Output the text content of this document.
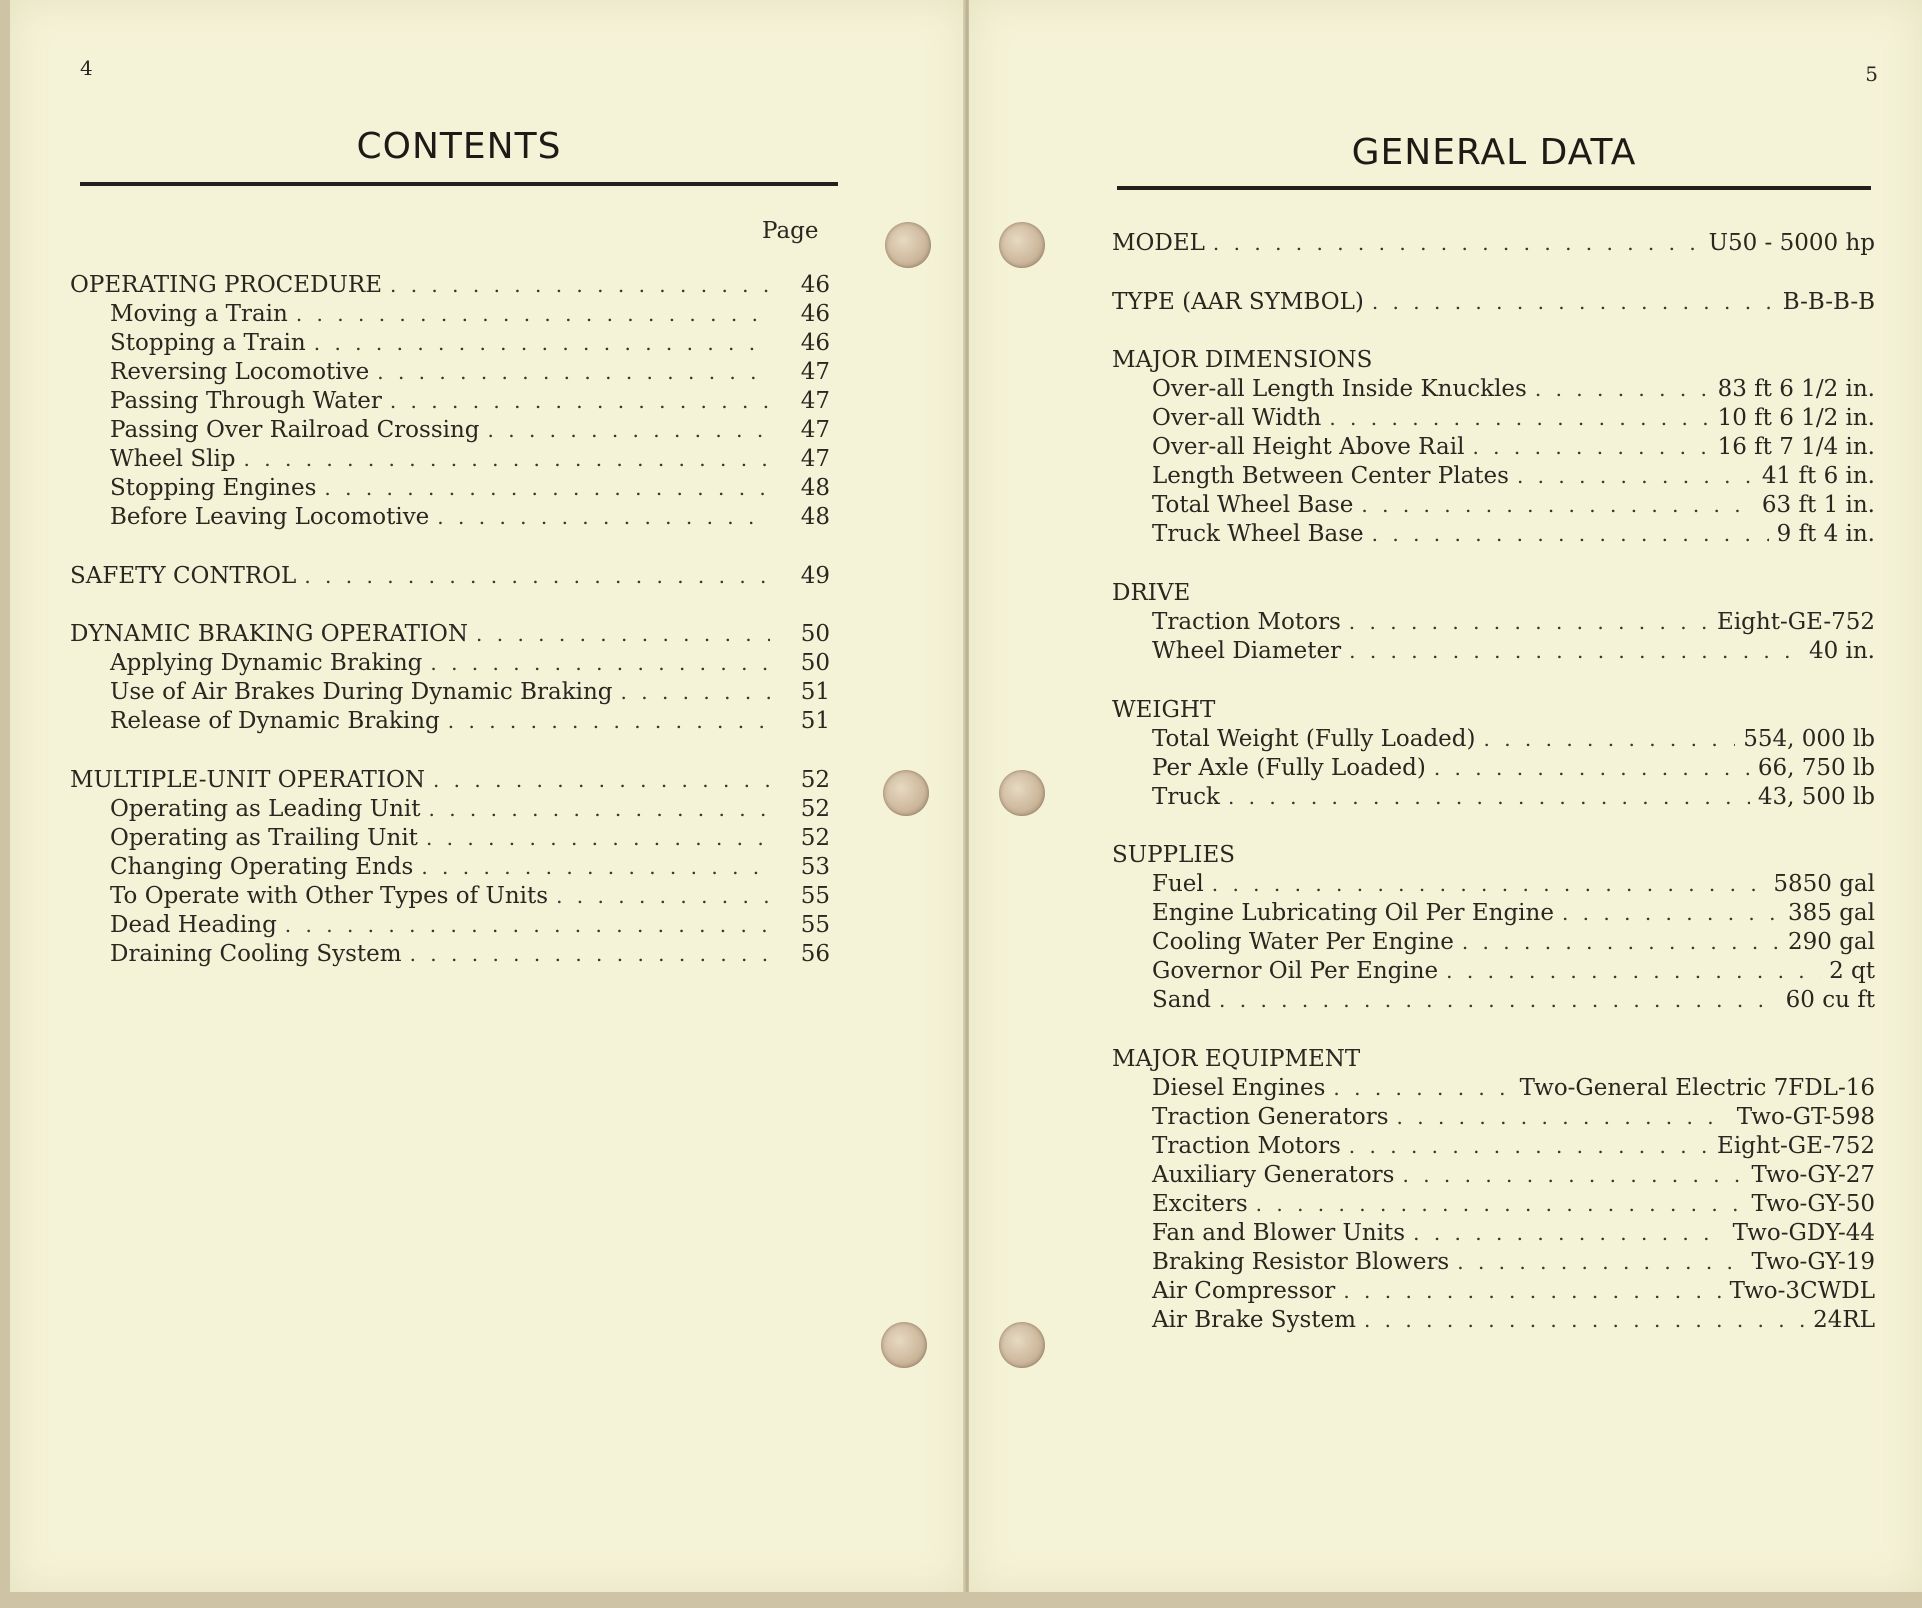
4
CONTENTS
Page
OPERATING PROCEDURE . . .	46
Moving a Train . . .	46
Stopping a Train . . .	46
Reversing Locomotive . . .	47
Passing Through Water . . .	47
Passing Over Railroad Crossing . . .	47
Wheel Slip . . .	47
Stopping Engines . . .	48
Before Leaving Locomotive . . .	48
SAFETY CONTROL . . .	49
DYNAMIC BRAKING OPERATION . . .	50
Applying Dynamic Braking . . .	50
Use of Air Brakes During Dynamic Braking . . .	51
Release of Dynamic Braking . . .	51
MULTIPLE-UNIT OPERATION . . .	52
Operating as Leading Unit . . .	52
Operating as Trailing Unit . . .	52
Changing Operating Ends . . .	53
To Operate with Other Types of Units . . .	55
Dead Heading . . .	55
Draining Cooling System . . .	56
5
GENERAL DATA
MODEL . . .	U50 - 5000 hp
TYPE (AAR SYMBOL) . . .	B-B-B-B
MAJOR DIMENSIONS
Over-all Length Inside Knuckles . . .	83 ft 6 1/2 in.
Over-all Width . . .	10 ft 6 1/2 in.
Over-all Height Above Rail . . .	16 ft 7 1/4 in.
Length Between Center Plates . . .	41 ft 6 in.
Total Wheel Base . . .	63 ft 1 in.
Truck Wheel Base . . .	9 ft 4 in.
DRIVE
Traction Motors . . .	Eight-GE-752
Wheel Diameter . . .	40 in.
WEIGHT
Total Weight (Fully Loaded) . . .	554, 000 lb
Per Axle (Fully Loaded) . . .	66, 750 lb
Truck . . .	43, 500 lb
SUPPLIES
Fuel . . .	5850 gal
Engine Lubricating Oil Per Engine . . .	385 gal
Cooling Water Per Engine . . .	290 gal
Governor Oil Per Engine . . .	2 qt
Sand . . .	60 cu ft
MAJOR EQUIPMENT
Diesel Engines . . .	Two-General Electric 7FDL-16
Traction Generators . . .	Two-GT-598
Traction Motors . . .	Eight-GE-752
Auxiliary Generators . . .	Two-GY-27
Exciters . . .	Two-GY-50
Fan and Blower Units . . .	Two-GDY-44
Braking Resistor Blowers . . .	Two-GY-19
Air Compressor . . .	Two-3CWDL
Air Brake System . . .	24RL
